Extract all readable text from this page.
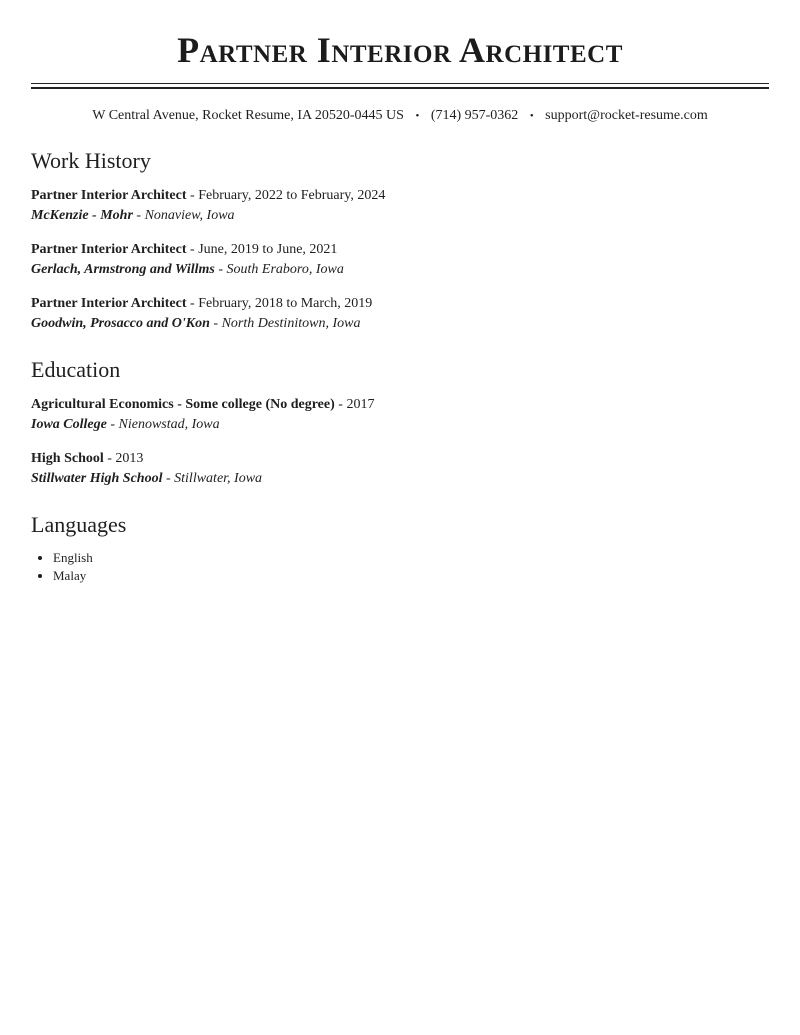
Partner Interior Architect
W Central Avenue, Rocket Resume, IA 20520-0445 US • (714) 957-0362 • support@rocket-resume.com
Work History
Partner Interior Architect - February, 2022 to February, 2024
McKenzie - Mohr - Nonaview, Iowa
Partner Interior Architect - June, 2019 to June, 2021
Gerlach, Armstrong and Willms - South Eraboro, Iowa
Partner Interior Architect - February, 2018 to March, 2019
Goodwin, Prosacco and O'Kon - North Destinitown, Iowa
Education
Agricultural Economics - Some college (No degree) - 2017
Iowa College - Nienowstad, Iowa
High School - 2013
Stillwater High School - Stillwater, Iowa
Languages
• English
• Malay
